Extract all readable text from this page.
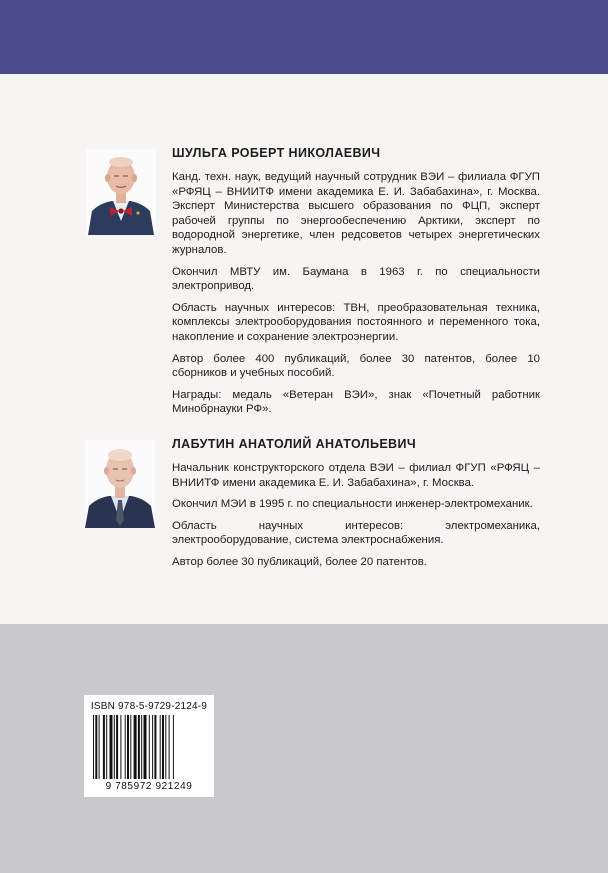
ШУЛЬГА РОБЕРТ НИКОЛАЕВИЧ

Канд. техн. наук, ведущий научный сотрудник ВЭИ – филиала ФГУП «РФЯЦ – ВНИИТФ имени академика Е. И. Забабахина», г. Москва. Эксперт Министерства высшего образования по ФЦП, эксперт рабочей группы по энергообеспечению Арктики, эксперт по водородной энергетике, член редсоветов четырех энергетических журналов.

Окончил МВТУ им. Баумана в 1963 г. по специальности электропривод.

Область научных интересов: ТВН, преобразовательная техника, комплексы электрооборудования постоянного и переменного тока, накопление и сохранение электроэнергии.

Автор более 400 публикаций, более 30 патентов, более 10 сборников и учебных пособий.

Награды: медаль «Ветеран ВЭИ», знак «Почетный работник Минобрнауки РФ».

ЛАБУТИН АНАТОЛИЙ АНАТОЛЬЕВИЧ

Начальник конструкторского отдела ВЭИ – филиал ФГУП «РФЯЦ – ВНИИТФ имени академика Е. И. Забабахина», г. Москва.

Окончил МЭИ в 1995 г. по специальности инженер-электромеханик.

Область научных интересов: электромеханика, электрооборудование, система электроснабжения.

Автор более 30 публикаций, более 20 патентов.

ISBN 978-5-9729-2124-9
9 785972 921249
